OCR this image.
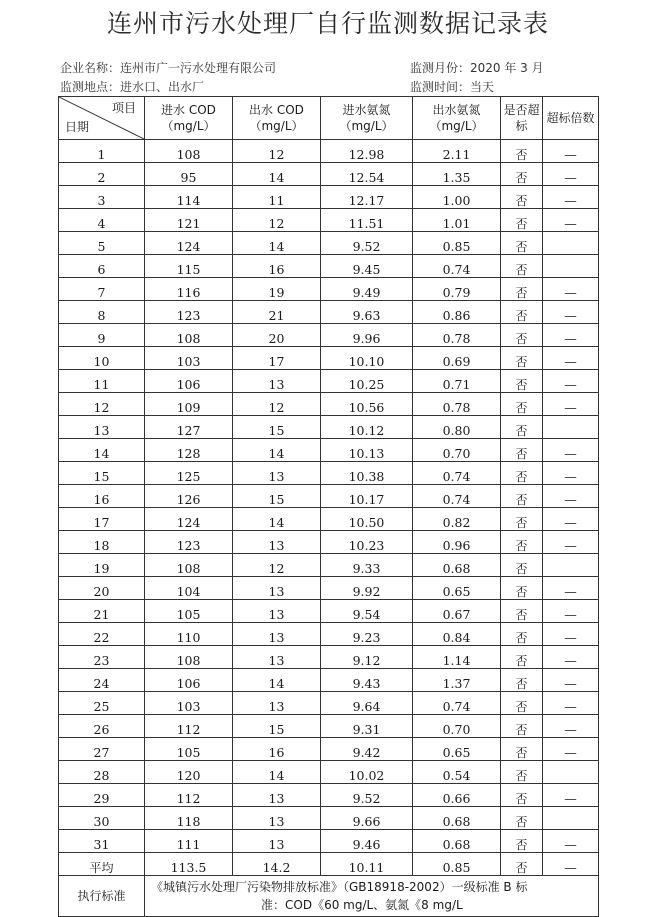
连州市污水处理厂自行监测数据记录表
企业名称：连州市广一污水处理有限公司
监测地点：进水口、出水厂
监测月份：2020 年 3 月
监测时间：当天
项目
日期	进水 COD（mg/L）	出水 COD（mg/L）	进水氨氮（mg/L）	出水氨氮（mg/L）	是否超标	超标倍数
1	108	12	12.98	2.11	否	—
2	95	14	12.54	1.35	否	—
3	114	11	12.17	1.00	否	—
4	121	12	11.51	1.01	否	—
5	124	14	9.52	0.85	否	
6	115	16	9.45	0.74	否	
7	116	19	9.49	0.79	否	—
8	123	21	9.63	0.86	否	—
9	108	20	9.96	0.78	否	—
10	103	17	10.10	0.69	否	—
11	106	13	10.25	0.71	否	—
12	109	12	10.56	0.78	否	—
13	127	15	10.12	0.80	否	
14	128	14	10.13	0.70	否	—
15	125	13	10.38	0.74	否	—
16	126	15	10.17	0.74	否	—
17	124	14	10.50	0.82	否	—
18	123	13	10.23	0.96	否	—
19	108	12	9.33	0.68	否	
20	104	13	9.92	0.65	否	—
21	105	13	9.54	0.67	否	—
22	110	13	9.23	0.84	否	—
23	108	13	9.12	1.14	否	—
24	106	14	9.43	1.37	否	—
25	103	13	9.64	0.74	否	—
26	112	15	9.31	0.70	否	—
27	105	16	9.42	0.65	否	—
28	120	14	10.02	0.54	否	
29	112	13	9.52	0.66	否	—
30	118	13	9.66	0.68	否	
31	111	13	9.46	0.68	否	—
平均	113.5	14.2	10.11	0.85	否	—
执行标准	《城镇污水处理厂污染物排放标准》（GB18918-2002）一级标准 B 标
准：COD《60 mg/L、氨氮《8 mg/L					
